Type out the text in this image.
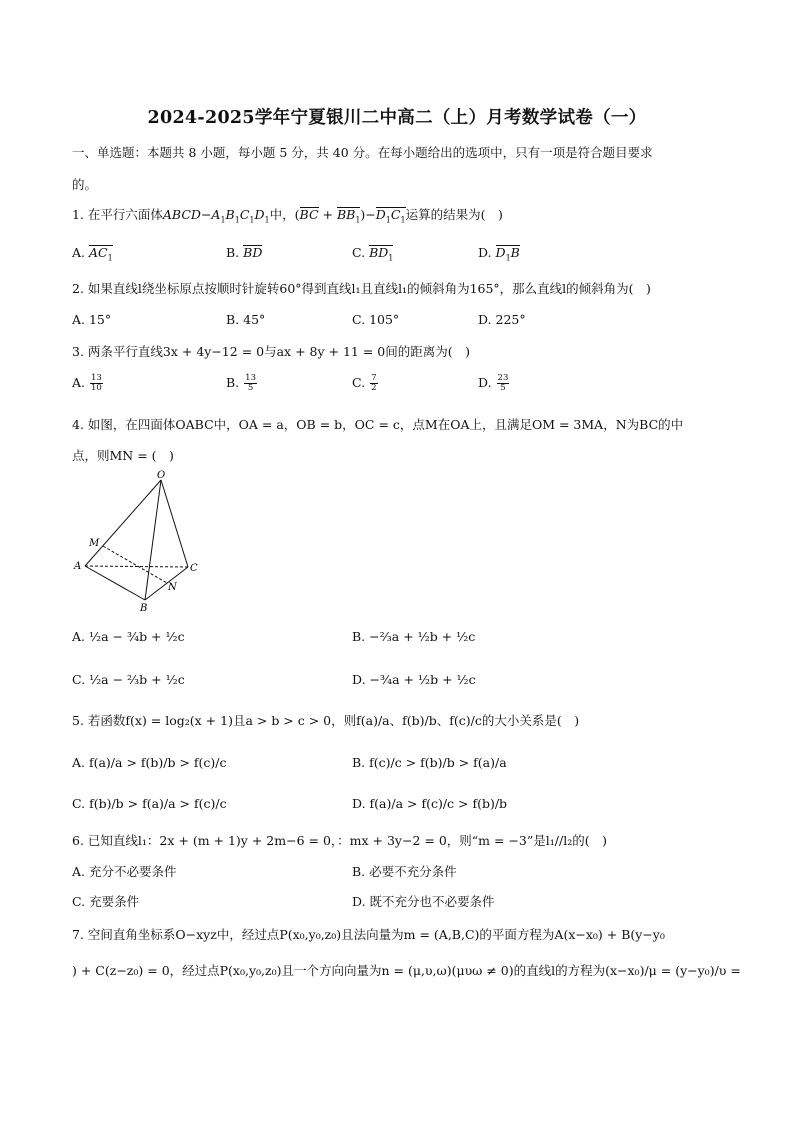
2024-2025学年宁夏银川二中高二（上）月考数学试卷（一）
一、单选题：本题共 8 小题，每小题 5 分，共 40 分。在每小题给出的选项中，只有一项是符合题目要求
的。
1. 在平行六面体$ABCD-A_1B_1C_1D_1$中，$(BC + BB_1)-D_1C_1$运算的结果为(　)
A. $AC_1$	B. BD	C. $BD_1$	D. $D_1B$
2. 如果直线l绕坐标原点按顺时针旋转60°得到直线l₁且直线l₁的倾斜角为165°，那么直线l的倾斜角为(　)
A. 15°	B. 45°	C. 105°	D. 225°
3. 两条平行直线3x + 4y−12 = 0与ax + 8y + 11 = 0间的距离为(　)
A. $\frac{13}{10}$	B. $\frac{13}{5}$	C. $\frac{7}{2}$	D. $\frac{23}{5}$
4. 如图，在四面体OABC中，OA = a，OB = b，OC = c，点M在OA上，且满足OM = 3MA，N为BC的中
点，则MN = (　)
O
M
A	C
N
B
A. ½a − ¾b + ½c	B. −⅔a + ½b + ½c
C. ½a − ⅔b + ½c	D. −¾a + ½b + ½c
5. 若函数f(x) = log₂(x + 1)且a > b > c > 0，则f(a)/a、f(b)/b、f(c)/c的大小关系是(　)
A. f(a)/a > f(b)/b > f(c)/c	B. f(c)/c > f(b)/b > f(a)/a
C. f(b)/b > f(a)/a > f(c)/c	D. f(a)/a > f(c)/c > f(b)/b
6. 已知直线l₁：2x + (m + 1)y + 2m−6 = 0，：mx + 3y−2 = 0，则“m = −3”是l₁//l₂的(　)
A. 充分不必要条件	B. 必要不充分条件
C. 充要条件	D. 既不充分也不必要条件
7. 空间直角坐标系O−xyz中，经过点P(x₀,y₀,z₀)且法向量为m = (A,B,C)的平面方程为A(x−x₀) + B(y−y₀
) + C(z−z₀) = 0，经过点P(x₀,y₀,z₀)且一个方向向量为n = (μ,υ,ω)(μυω ≠ 0)的直线l的方程为(x−x₀)/μ = (y−y₀)/υ =
